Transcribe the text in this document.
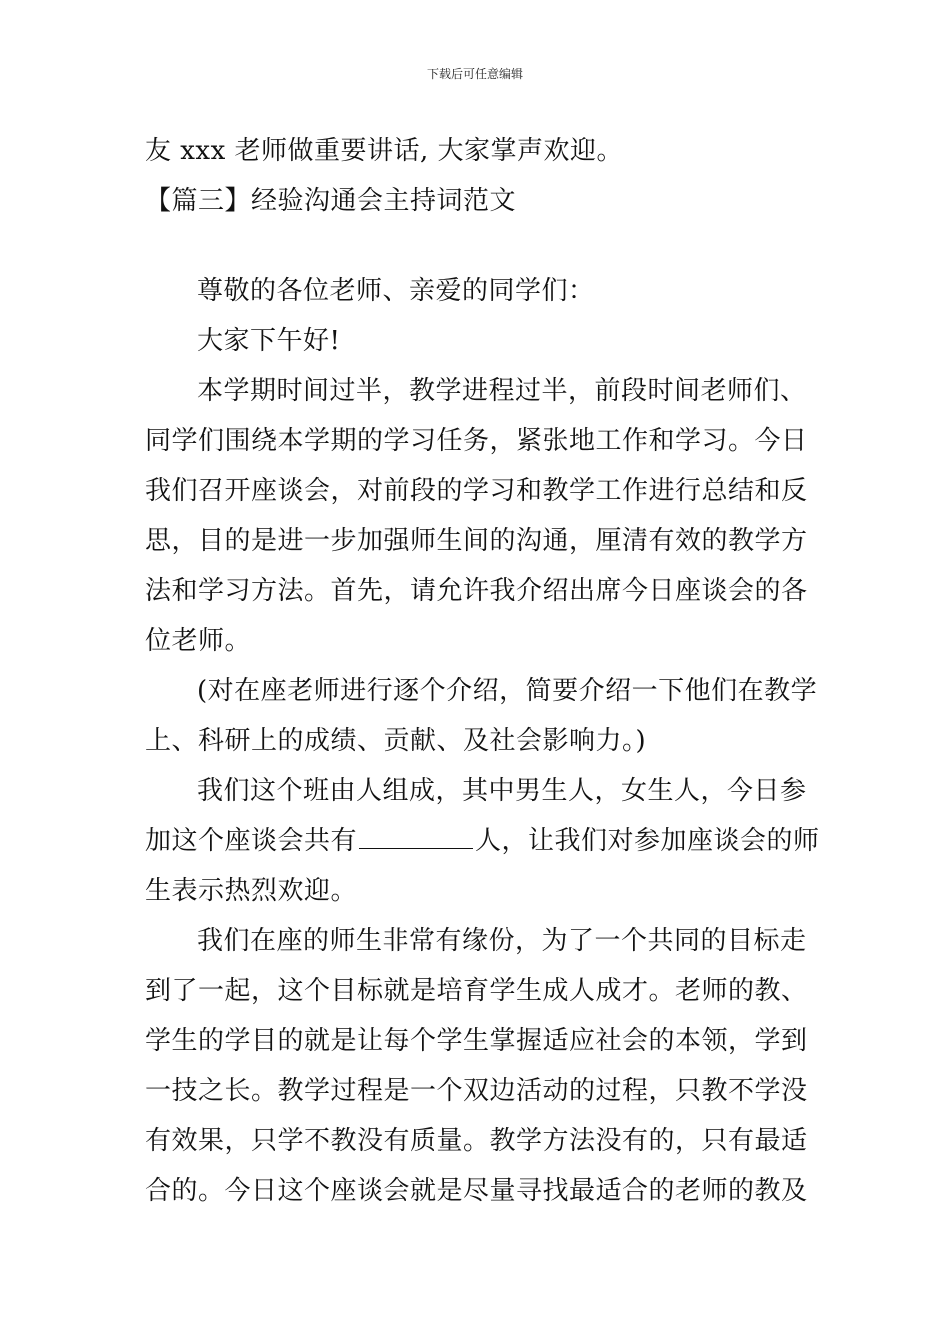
下载后可任意编辑
友 xxx 老师做重要讲话, 大家掌声欢迎。
【篇三】经验沟通会主持词范文
尊敬的各位老师、亲爱的同学们：
大家下午好!
本学期时间过半，教学进程过半，前段时间老师们、
同学们围绕本学期的学习任务，紧张地工作和学习。今日
我们召开座谈会，对前段的学习和教学工作进行总结和反
思，目的是进一步加强师生间的沟通，厘清有效的教学方
法和学习方法。首先，请允许我介绍出席今日座谈会的各
位老师。
(对在座老师进行逐个介绍，简要介绍一下他们在教学
上、科研上的成绩、贡献、及社会影响力。)
我们这个班由人组成，其中男生人，女生人，今日参
加这个座谈会共有	人，让我们对参加座谈会的师
生表示热烈欢迎。
我们在座的师生非常有缘份，为了一个共同的目标走
到了一起，这个目标就是培育学生成人成才。老师的教、
学生的学目的就是让每个学生掌握适应社会的本领，学到
一技之长。教学过程是一个双边活动的过程，只教不学没
有效果，只学不教没有质量。教学方法没有的，只有最适
合的。今日这个座谈会就是尽量寻找最适合的老师的教及
